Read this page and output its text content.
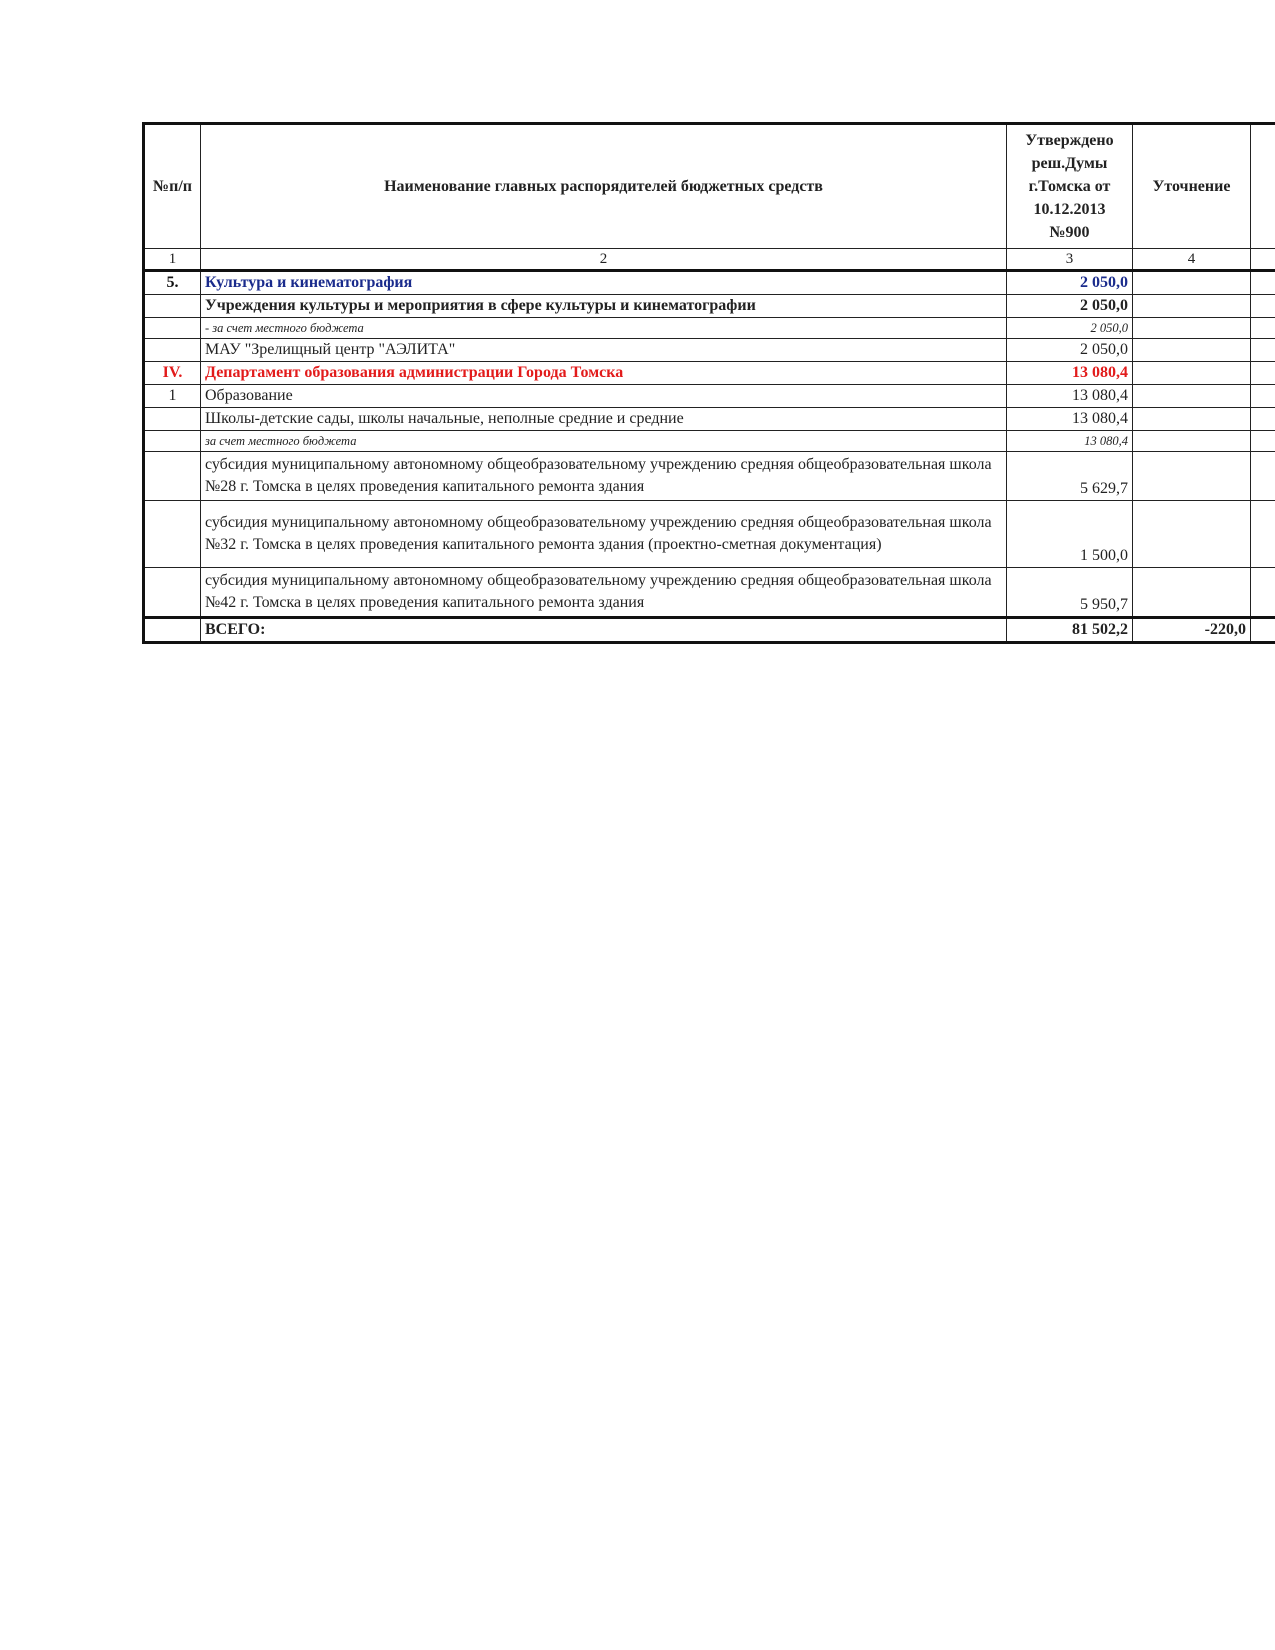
№п/п	Наименование главных распорядителей бюджетных средств	Утверждено
реш.Думы
г.Томска от
10.12.2013
№900	Уточнение	
1	2	3	4	
5.	Культура и кинематография	2 050,0		
	Учреждения культуры и мероприятия в сфере культуры и кинематографии	2 050,0		
	- за счет местного бюджета	2 050,0		
	МАУ "Зрелищный центр "АЭЛИТА"	2 050,0		
IV.	Департамент образования администрации Города Томска	13 080,4		
1	Образование	13 080,4		
	Школы-детские сады, школы начальные, неполные средние и средние	13 080,4		
	за счет местного бюджета	13 080,4		
	субсидия муниципальному автономному общеобразовательному учреждению средняя общеобразовательная школа №28 г. Томска в целях проведения капитального ремонта здания	5 629,7		
	субсидия муниципальному автономному общеобразовательному учреждению средняя общеобразовательная школа №32 г. Томска в целях проведения капитального ремонта здания (проектно-сметная документация)	1 500,0		
	субсидия муниципальному автономному общеобразовательному учреждению средняя общеобразовательная школа №42 г. Томска в целях проведения капитального ремонта здания	5 950,7		
	ВСЕГО:	81 502,2	-220,0	
